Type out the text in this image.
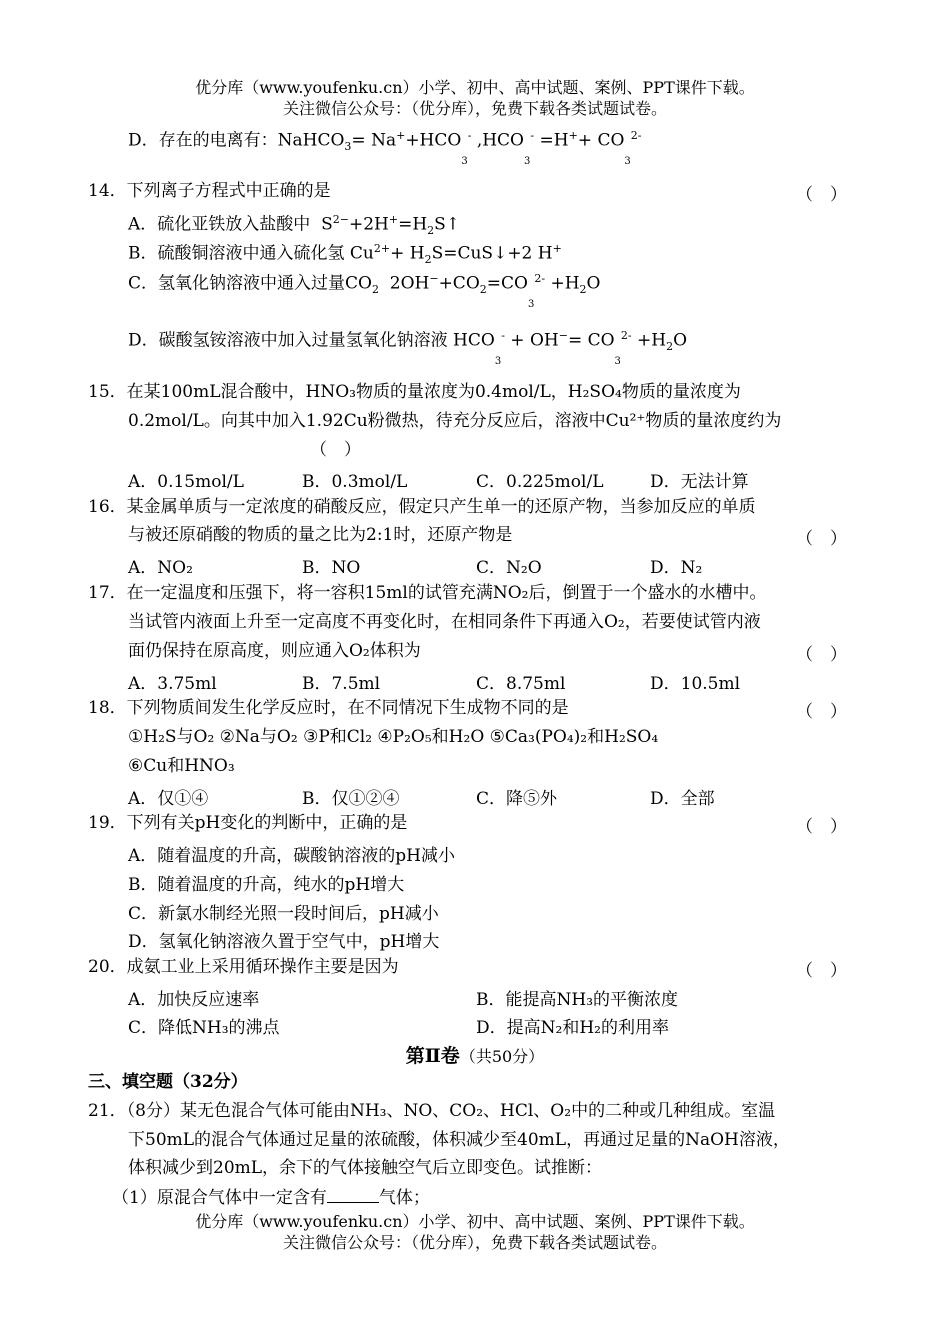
优分库（www.youfenku.cn）小学、初中、高中试题、案例、PPT课件下载。
关注微信公众号：（优分库），免费下载各类试题试卷。
D．存在的电离有：NaHCO$_3$= $Na^++HCO_3^-$ $,HCO_3^- =H^++ CO_3^{2-}$
14．下列离子方程式中正确的是	（　）
A．硫化亚铁放入盐酸中  $S^{2-}+2H^+=H_2S↑$
B．硫酸铜溶液中通入硫化氢 $Cu^{2+}+$ $H_2S=CuS↓+2$ H+
C．氢氧化钠溶液中通入过量$CO_2$  $2OH^-+CO_2=CO_3^{2-} +H_2O$
D．碳酸氢铵溶液中加入过量氢氧化钠溶液 $HCO_3^- + OH^-= CO_3^{2-} +H_2O$
15．在某100mL混合酸中，HNO₃物质的量浓度为0.4mol/L，H₂SO₄物质的量浓度为
0.2mol/L。向其中加入1.92Cu粉微热，待充分反应后，溶液中Cu²⁺物质的量浓度约为
（　）
A．0.15mol/L	B．0.3mol/L	C．0.225mol/L	D．无法计算
16．某金属单质与一定浓度的硝酸反应，假定只产生单一的还原产物，当参加反应的单质
与被还原硝酸的物质的量之比为2:1时，还原产物是	（　）
A．NO₂	B．NO	C．N₂O	D．N₂
17．在一定温度和压强下，将一容积15ml的试管充满NO₂后，倒置于一个盛水的水槽中。
当试管内液面上升至一定高度不再变化时，在相同条件下再通入O₂，若要使试管内液
面仍保持在原高度，则应通入O₂体积为	（　）
A．3.75ml	B．7.5ml	C．8.75ml	D．10.5ml
18．下列物质间发生化学反应时，在不同情况下生成物不同的是	（　）
①H₂S与O₂ ②Na与O₂ ③P和Cl₂ ④P₂O₅和H₂O ⑤Ca₃(PO₄)₂和H₂SO₄
⑥Cu和HNO₃
A．仅①④	B．仅①②④	C．降⑤外	D．全部
19．下列有关pH变化的判断中，正确的是	（　）
A．随着温度的升高，碳酸钠溶液的pH减小
B．随着温度的升高，纯水的pH增大
C．新氯水制经光照一段时间后，pH减小
D．氢氧化钠溶液久置于空气中，pH增大
20．成氨工业上采用循环操作主要是因为	（　）
A．加快反应速率	B．能提高NH₃的平衡浓度
C．降低NH₃的沸点	D．提高N₂和H₂的利用率
第Ⅱ卷（共50分）
三、填空题（32分）
21．（8分）某无色混合气体可能由NH₃、NO、CO₂、HCl、O₂中的二种或几种组成。室温
下50mL的混合气体通过足量的浓硫酸，体积减少至40mL，再通过足量的NaOH溶液，
体积减少到20mL，余下的气体接触空气后立即变色。试推断：
（1）原混合气体中一定含有	气体；
优分库（www.youfenku.cn）小学、初中、高中试题、案例、PPT课件下载。
关注微信公众号：（优分库），免费下载各类试题试卷。
